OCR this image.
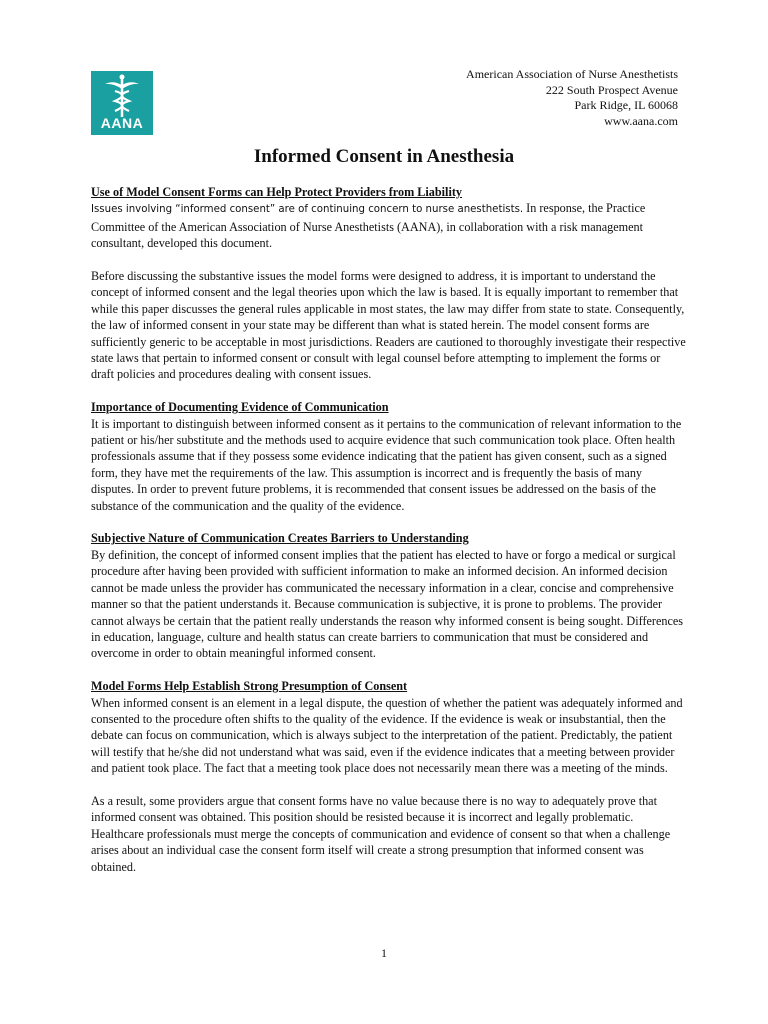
AANA
American Association of Nurse Anesthetists
222 South Prospect Avenue
Park Ridge, IL 60068
www.aana.com
Informed Consent in Anesthesia
Use of Model Consent Forms can Help Protect Providers from Liability

Issues involving “informed consent” are of continuing concern to nurse anesthetists. In response, the Practice Committee of the American Association of Nurse Anesthetists (AANA), in collaboration with a risk management consultant, developed this document.

Before discussing the substantive issues the model forms were designed to address, it is important to understand the concept of informed consent and the legal theories upon which the law is based. It is equally important to remember that while this paper discusses the general rules applicable in most states, the law may differ from state to state. Consequently, the law of informed consent in your state may be different than what is stated herein. The model consent forms are sufficiently generic to be acceptable in most jurisdictions. Readers are cautioned to thoroughly investigate their respective state laws that pertain to informed consent or consult with legal counsel before attempting to implement the forms or draft policies and procedures dealing with consent issues.

Importance of Documenting Evidence of Communication

It is important to distinguish between informed consent as it pertains to the communication of relevant information to the patient or his/her substitute and the methods used to acquire evidence that such communication took place. Often health professionals assume that if they possess some evidence indicating that the patient has given consent, such as a signed form, they have met the requirements of the law. This assumption is incorrect and is frequently the basis of many disputes. In order to prevent future problems, it is recommended that consent issues be addressed on the basis of the substance of the communication and the quality of the evidence.

Subjective Nature of Communication Creates Barriers to Understanding

By definition, the concept of informed consent implies that the patient has elected to have or forgo a medical or surgical procedure after having been provided with sufficient information to make an informed decision. An informed decision cannot be made unless the provider has communicated the necessary information in a clear, concise and comprehensive manner so that the patient understands it. Because communication is subjective, it is prone to problems. The provider cannot always be certain that the patient really understands the reason why informed consent is being sought. Differences in education, language, culture and health status can create barriers to communication that must be considered and overcome in order to obtain meaningful informed consent.

Model Forms Help Establish Strong Presumption of Consent

When informed consent is an element in a legal dispute, the question of whether the patient was adequately informed and consented to the procedure often shifts to the quality of the evidence. If the evidence is weak or insubstantial, then the debate can focus on communication, which is always subject to the interpretation of the patient. Predictably, the patient will testify that he/she did not understand what was said, even if the evidence indicates that a meeting between provider and patient took place. The fact that a meeting took place does not necessarily mean there was a meeting of the minds.

As a result, some providers argue that consent forms have no value because there is no way to adequately prove that informed consent was obtained. This position should be resisted because it is incorrect and legally problematic. Healthcare professionals must merge the concepts of communication and evidence of consent so that when a challenge arises about an individual case the consent form itself will create a strong presumption that informed consent was obtained.

1
